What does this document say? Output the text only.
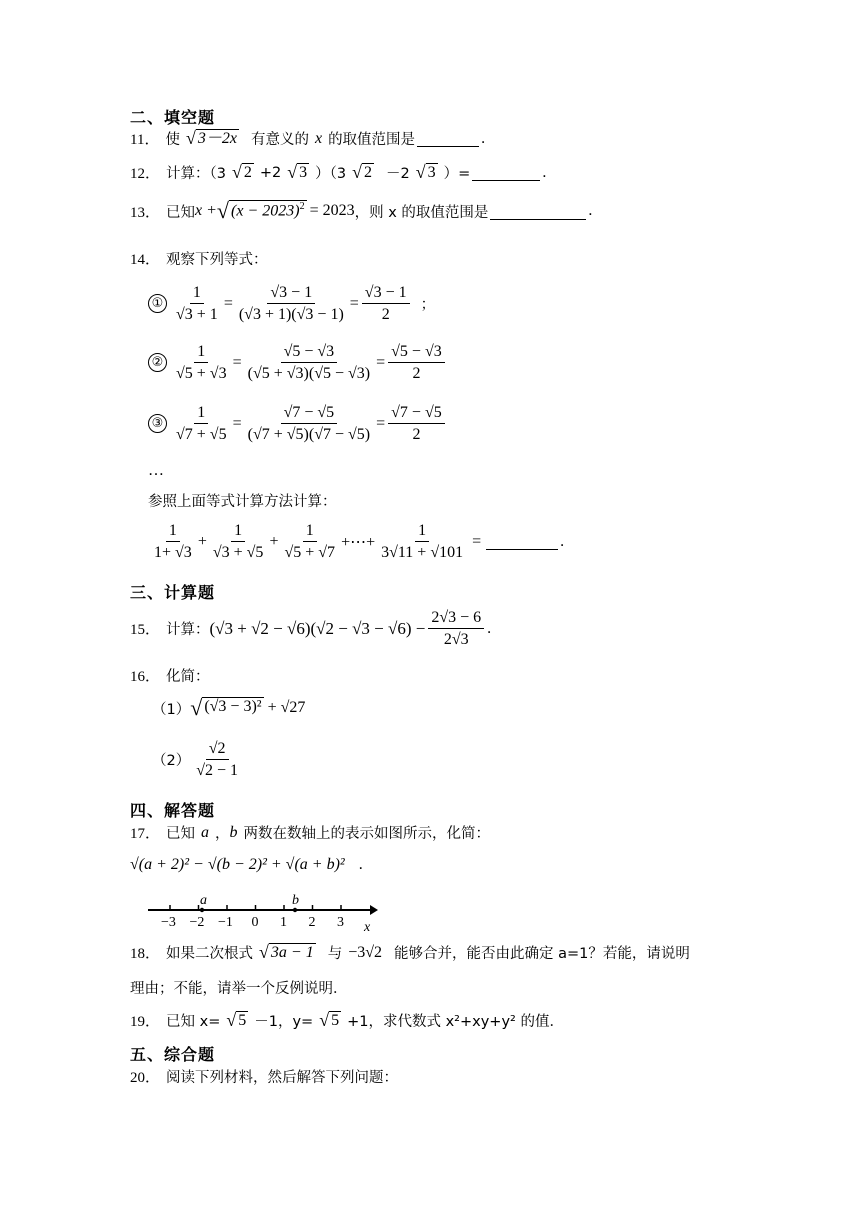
二、填空题
11． 使 √ 3－2x 有意义的 x 的取值范围是	.
12． 计算：（3 √ 2 +2 √ 3 ）（3 √ 2 －2 √ 3 ）=	.
13． 已知 x + √ $(x - 2023)^2 = 2023$ ，则 x 的取值范围是	.
14． 观察下列等式：
① $\frac{1}{√3 + 1} = \frac{√3 - 1}{(√3 + 1)(√3 - 1)} = \frac{√3 - 1}{2}$ ；
② $\frac{1}{√5 + √3} = \frac{√5 - √3}{(√5 + √3)(√5 - √3)} = \frac{√5 - √3}{2}$
③ $\frac{1}{√7 + √5} = \frac{√7 - √5}{(√7 + √5)(√7 - √5)} = \frac{√7 - √5}{2}$
…
参照上面等式计算方法计算：
$\frac{1}{1+ √3} + \frac{1}{√3 + √5} + \frac{1}{√5 + √7}$ +⋯+ $\frac{1}{3√11 + √101}$ =	.
三、计算题
15． 计算： $(√3 + √2 - √6)(√2 - √3 - √6) - \frac{2√3 - 6}{2√3}$ .
16． 化简：
（1） √ (√3 − 3)² + √27
$(2) \frac{√2}{√2 - 1}$
四、解答题
17． 已知 a ， b 两数在数轴上的表示如图所示，化简：
√(a + 2)² − √(b − 2)² + √(a + b)² .
−3 −2 −1 0 1 2 3
a	b
x
18． 如果二次根式 √ 3a − 1 与 −3√2 能够合并，能否由此确定 a=1？若能，请说明
理由；不能，请举一个反例说明．
19． 已知 x= √ 5 －1，y= √ 5 +1，求代数式 x²+xy+y² 的值．
五、综合题
20． 阅读下列材料，然后解答下列问题：
